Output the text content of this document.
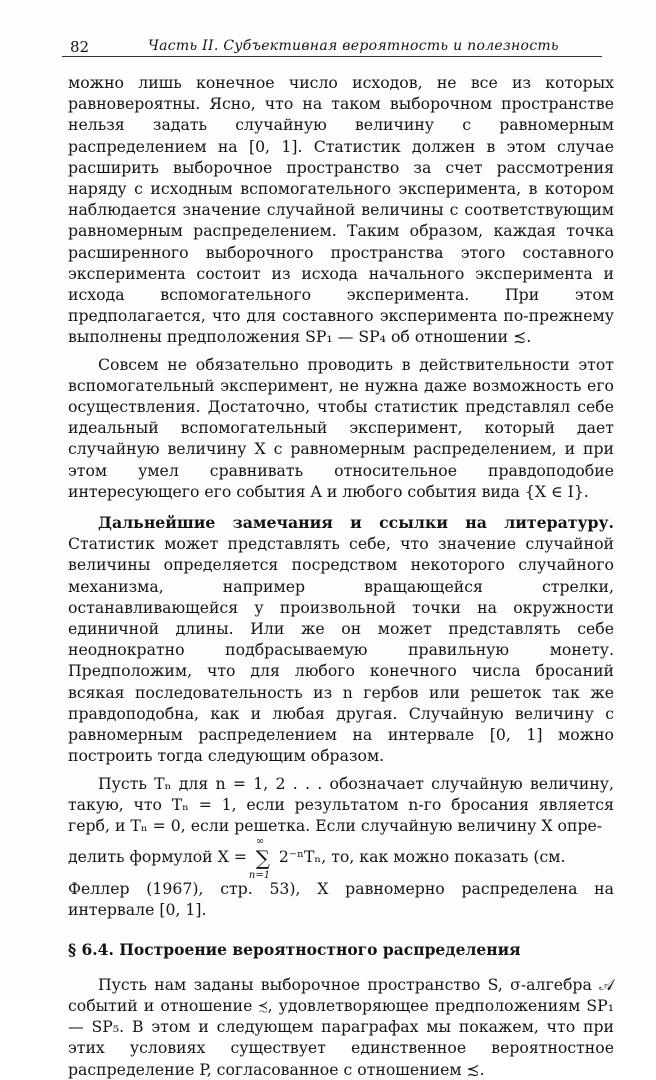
82	Часть II. Субъективная вероятность и полезность

можно лишь конечное число исходов, не все из которых равновероятны. Ясно, что на таком выборочном пространстве нельзя задать случайную величину с равномерным распределением на [0, 1]. Статистик должен в этом случае расширить выборочное пространство за счет рассмотрения наряду с исходным вспомогательного эксперимента, в котором наблюдается значение случайной величины с соответствующим равномерным распределением. Таким образом, каждая точка расширенного выборочного пространства этого составного эксперимента состоит из исхода начального эксперимента и исхода вспомогательного эксперимента. При этом предполагается, что для составного эксперимента по-прежнему выполнены предположения SP₁ — SP₄ об отношении ≾.

Совсем не обязательно проводить в действительности этот вспомогательный эксперимент, не нужна даже возможность его осуществления. Достаточно, чтобы статистик представлял себе идеальный вспомогательный эксперимент, который дает случайную величину X с равномерным распределением, и при этом умел сравнивать относительное правдоподобие интересующего его события A и любого события вида {X ∈ I}.

Дальнейшие замечания и ссылки на литературу. Статистик может представлять себе, что значение случайной величины определяется посредством некоторого случайного механизма, например вращающейся стрелки, останавливающейся у произвольной точки на окружности единичной длины. Или же он может представлять себе неоднократно подбрасываемую правильную монету. Предположим, что для любого конечного числа бросаний всякая последовательность из n гербов или решеток так же правдоподобна, как и любая другая. Случайную величину с равномерным распределением на интервале [0, 1] можно построить тогда следующим образом.

Пусть Tₙ для n = 1, 2 . . . обозначает случайную величину, такую, что Tₙ = 1, если результатом n-го бросания является герб, и Tₙ = 0, если решетка. Если случайную величину X опре-

делить формулой X =
∞
∑
n=1
2⁻ⁿTₙ, то, как можно показать (см.

Феллер (1967), стр. 53), X равномерно распределена на интервале [0, 1].

§ 6.4. Построение вероятностного распределения

Пусть нам заданы выборочное пространство S, σ-алгебра 𝒜 событий и отношение ≾, удовлетворяющее предположениям SP₁ — SP₅. В этом и следующем параграфах мы покажем, что при этих условиях существует единственное вероятностное распределение P, согласованное с отношением ≾.
